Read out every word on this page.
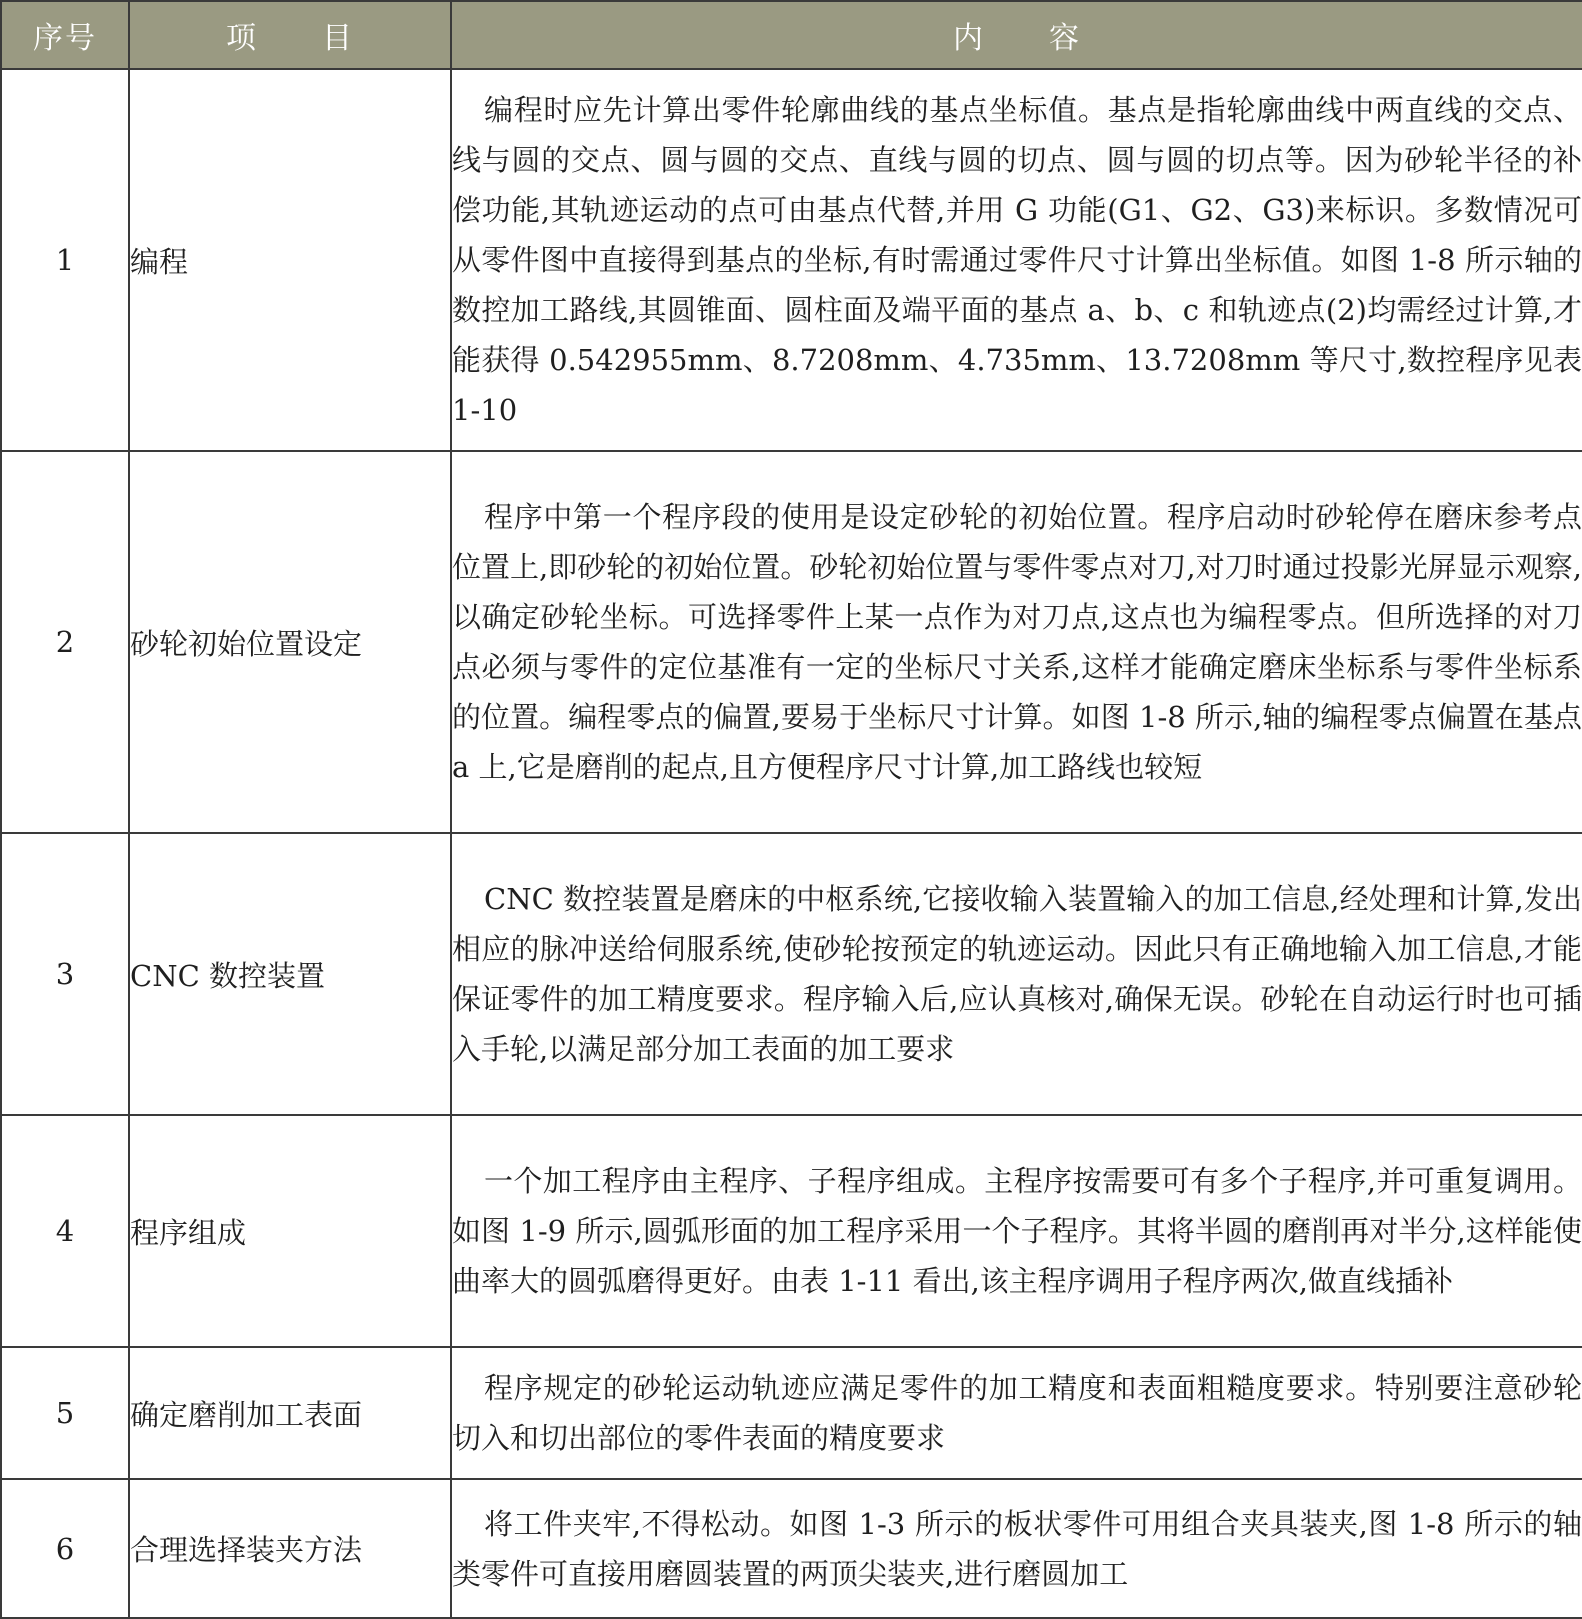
序号	项　　目	内　　容
1	编程	编程时应先计算出零件轮廓曲线的基点坐标值。基点是指轮廓曲线中两直线的交点、线与圆的交点、圆与圆的交点、直线与圆的切点、圆与圆的切点等。因为砂轮半径的补偿功能,其轨迹运动的点可由基点代替,并用 G 功能(G1、G2、G3)来标识。多数情况可从零件图中直接得到基点的坐标,有时需通过零件尺寸计算出坐标值。如图 1-8 所示轴的数控加工路线,其圆锥面、圆柱面及端平面的基点 a、b、c 和轨迹点(2)均需经过计算,才能获得 0.542955mm、8.7208mm、4.735mm、13.7208mm 等尺寸,数控程序见表 1-10
2	砂轮初始位置设定	程序中第一个程序段的使用是设定砂轮的初始位置。程序启动时砂轮停在磨床参考点位置上,即砂轮的初始位置。砂轮初始位置与零件零点对刀,对刀时通过投影光屏显示观察,以确定砂轮坐标。可选择零件上某一点作为对刀点,这点也为编程零点。但所选择的对刀点必须与零件的定位基准有一定的坐标尺寸关系,这样才能确定磨床坐标系与零件坐标系的位置。编程零点的偏置,要易于坐标尺寸计算。如图 1-8 所示,轴的编程零点偏置在基点 a 上,它是磨削的起点,且方便程序尺寸计算,加工路线也较短
3	CNC 数控装置	CNC 数控装置是磨床的中枢系统,它接收输入装置输入的加工信息,经处理和计算,发出相应的脉冲送给伺服系统,使砂轮按预定的轨迹运动。因此只有正确地输入加工信息,才能保证零件的加工精度要求。程序输入后,应认真核对,确保无误。砂轮在自动运行时也可插入手轮,以满足部分加工表面的加工要求
4	程序组成	一个加工程序由主程序、子程序组成。主程序按需要可有多个子程序,并可重复调用。如图 1-9 所示,圆弧形面的加工程序采用一个子程序。其将半圆的磨削再对半分,这样能使曲率大的圆弧磨得更好。由表 1-11 看出,该主程序调用子程序两次,做直线插补
5	确定磨削加工表面	程序规定的砂轮运动轨迹应满足零件的加工精度和表面粗糙度要求。特别要注意砂轮切入和切出部位的零件表面的精度要求
6	合理选择装夹方法	将工件夹牢,不得松动。如图 1-3 所示的板状零件可用组合夹具装夹,图 1-8 所示的轴类零件可直接用磨圆装置的两顶尖装夹,进行磨圆加工
